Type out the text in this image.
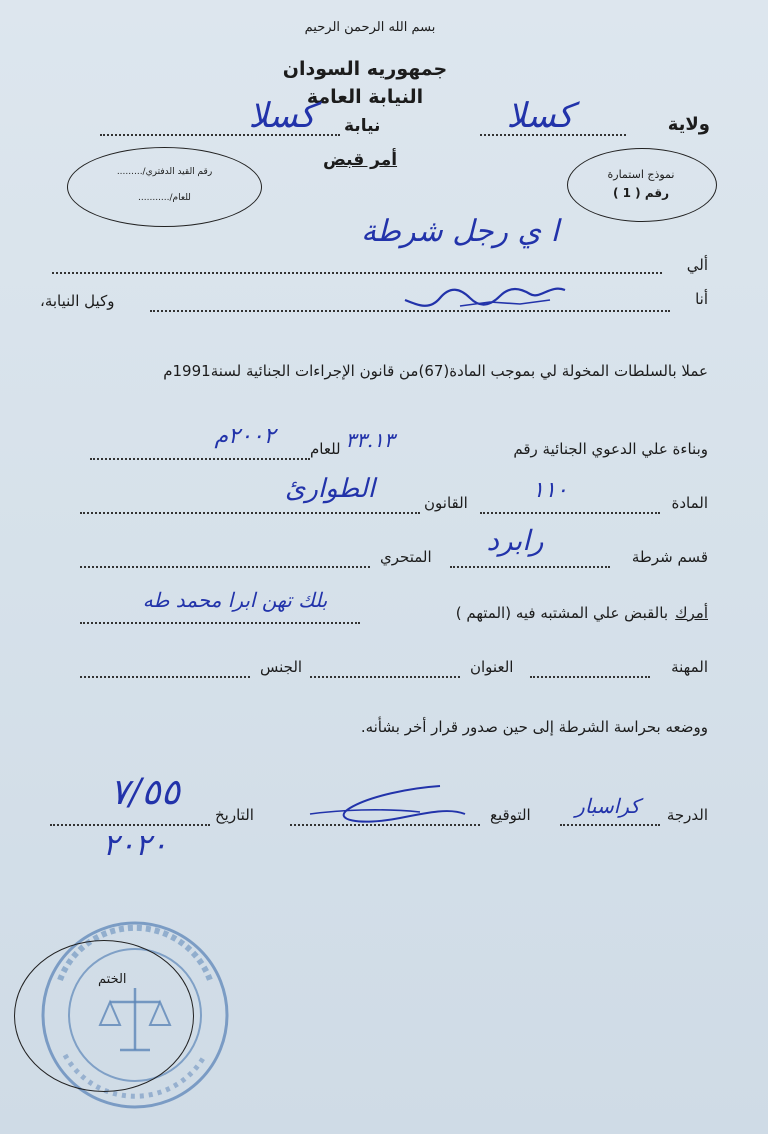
بسم الله الرحمن الرحيم
جمهوريه السودان
النيابة العامة
ولاية
كسلا
نيابة
كسلا
أمر قبض
نموذج استمارة
رقم ( 1 )
رقم القيد الدفتري/.........
للعام/...........
ألي
ا ي رجل شرطة
أنا
وكيل النيابة،
عملا بالسلطات المخولة لي بموجب المادة(67)من قانون الإجراءات الجنائية لسنة1991م
وبناءة علي الدعوي الجنائية رقم
٣٣.١٣
للعام
٢٠٠٢م
المادة
١١٠
القانون
الطوارئ
قسم شرطة
رابرد
المتحري
أمرك
بالقبض علي المشتبه فيه (المتهم )
بلك تهن ابرا محمد طه
المهنة
العنوان
الجنس
ووضعه بحراسة الشرطة إلى حين صدور قرار أخر بشأنه.
الدرجة
كراسبار
التوقيع
التاريخ
٧/٥٥
٢٠٢٠
الختم
